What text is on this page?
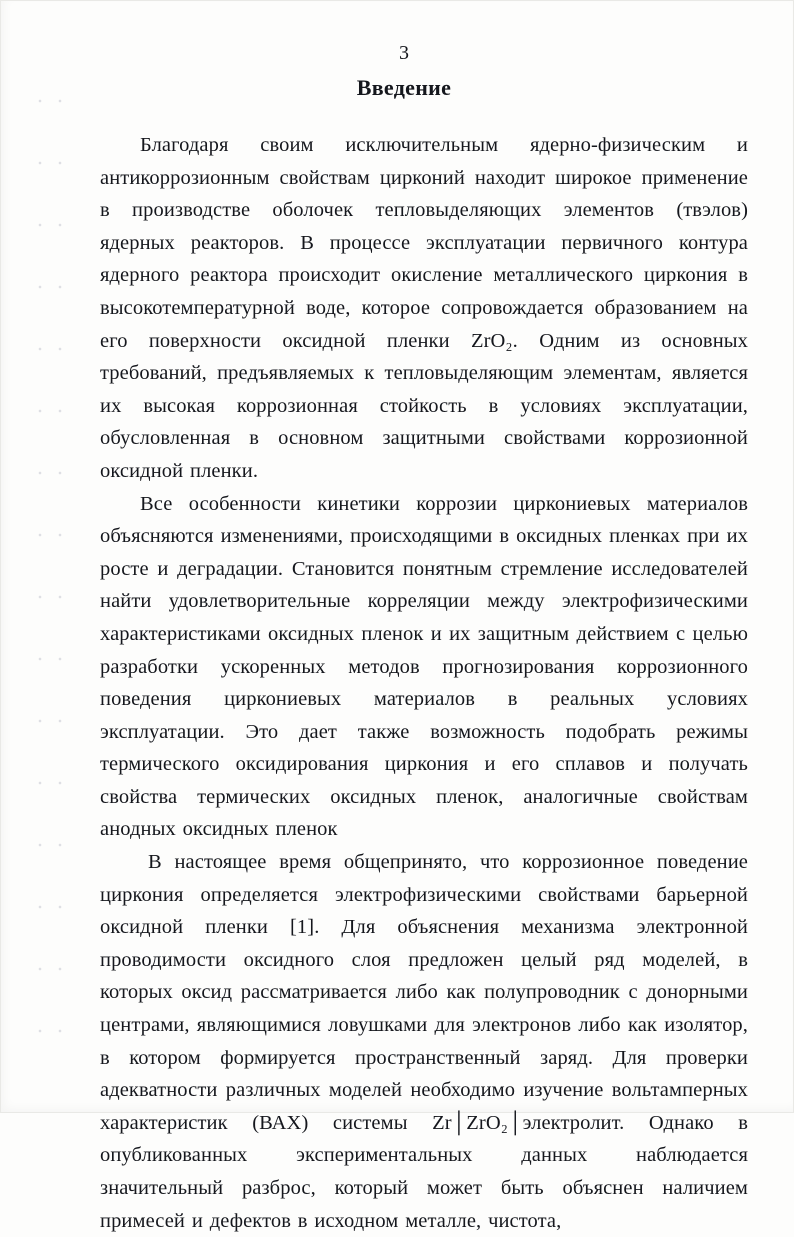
3
Введение

Благодаря своим исключительным ядерно-физическим и антикоррозионным свойствам цирконий находит широкое применение в производстве оболочек тепловыделяющих элементов (твэлов) ядерных реакторов. В процессе эксплуатации первичного контура ядерного реактора происходит окисление металлического циркония в высокотемпературной воде, которое сопровождается образованием на его поверхности оксидной пленки ZrO₂. Одним из основных требований, предъявляемых к тепловыделяющим элементам, является их высокая коррозионная стойкость в условиях эксплуатации, обусловленная в основном защитными свойствами коррозионной оксидной пленки.

Все особенности кинетики коррозии циркониевых материалов объясняются изменениями, происходящими в оксидных пленках при их росте и деградации. Становится понятным стремление исследователей найти удовлетворительные корреляции между электрофизическими характеристиками оксидных пленок и их защитным действием с целью разработки ускоренных методов прогнозирования коррозионного поведения циркониевых материалов в реальных условиях эксплуатации. Это дает также возможность подобрать режимы термического оксидирования циркония и его сплавов и получать свойства термических оксидных пленок, аналогичные свойствам анодных оксидных пленок

В настоящее время общепринято, что коррозионное поведение циркония определяется электрофизическими свойствами барьерной оксидной пленки [1]. Для объяснения механизма электронной проводимости оксидного слоя предложен целый ряд моделей, в которых оксид рассматривается либо как полупроводник с донорными центрами, являющимися ловушками для электронов либо как изолятор, в котором формируется пространственный заряд. Для проверки адекватности различных моделей необходимо изучение вольтамперных характеристик (ВАХ) системы Zr│ZrO₂│электролит. Однако в опубликованных экспериментальных данных наблюдается значительный разброс, который может быть объяснен наличием примесей и дефектов в исходном металле, чистота,
